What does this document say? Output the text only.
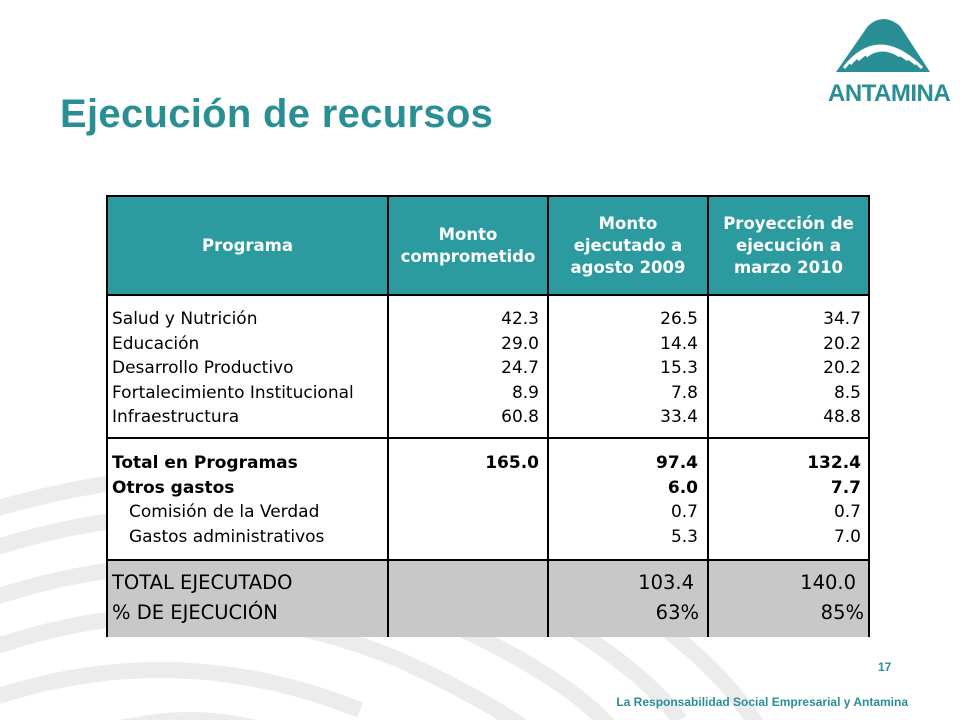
Ejecución de recursos	ANTAMINA
Programa
Monto comprometido
Monto ejecutado a agosto 2009
Proyección de ejecución a marzo 2010
Salud y Nutrición
Educación
Desarrollo Productivo
Fortalecimiento Institucional
Infraestructura
42.3
29.0
24.7
8.9
60.8
26.5
14.4
15.3
7.8
33.4
34.7
20.2
20.2
8.5
48.8
Total en Programas
Otros gastos
Comisión de la Verdad
Gastos administrativos
165.0	97.4
6.0
0.7
5.3
132.4
7.7
0.7
7.0
TOTAL EJECUTADO
% DE EJECUCIÓN
103.4
63%
140.0
85%
17
La Responsabilidad Social Empresarial y Antamina
